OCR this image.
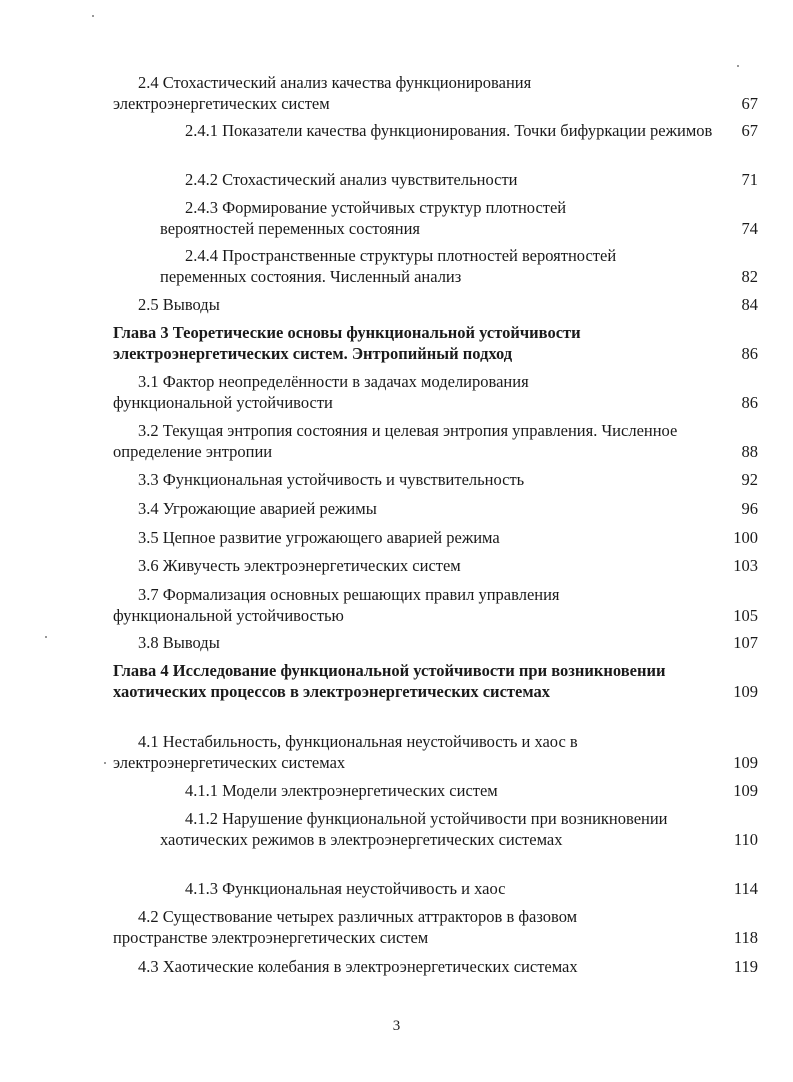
2.4 Стохастический анализ качества функционирования электроэнергетических систем	67
2.4.1 Показатели качества функционирования. Точки бифуркации режимов	67
2.4.2 Стохастический анализ чувствительности	71
2.4.3 Формирование устойчивых структур плотностей вероятностей переменных состояния	74
2.4.4 Пространственные структуры плотностей вероятностей переменных состояния. Численный анализ	82
2.5 Выводы	84
Глава 3 Теоретические основы функциональной устойчивости электроэнергетических систем. Энтропийный подход	86
3.1 Фактор неопределённости в задачах моделирования функциональной устойчивости	86
3.2 Текущая энтропия состояния и целевая энтропия управления. Численное определение энтропии	88
3.3 Функциональная устойчивость и чувствительность	92
3.4 Угрожающие аварией режимы	96
3.5 Цепное развитие угрожающего аварией режима	100
3.6 Живучесть электроэнергетических систем	103
3.7 Формализация основных решающих правил управления функциональной устойчивостью	105
3.8 Выводы	107
Глава 4 Исследование функциональной устойчивости при возникновении хаотических процессов в электроэнергетических системах	109
4.1 Нестабильность, функциональная неустойчивость и хаос в электроэнергетических системах	109
4.1.1 Модели электроэнергетических систем	109
4.1.2 Нарушение функциональной устойчивости при возникновении хаотических режимов в электроэнергетических системах	110
4.1.3 Функциональная неустойчивость и хаос	114
4.2 Существование четырех различных аттракторов в фазовом пространстве электроэнергетических систем	118
4.3 Хаотические колебания в электроэнергетических системах	119
3
